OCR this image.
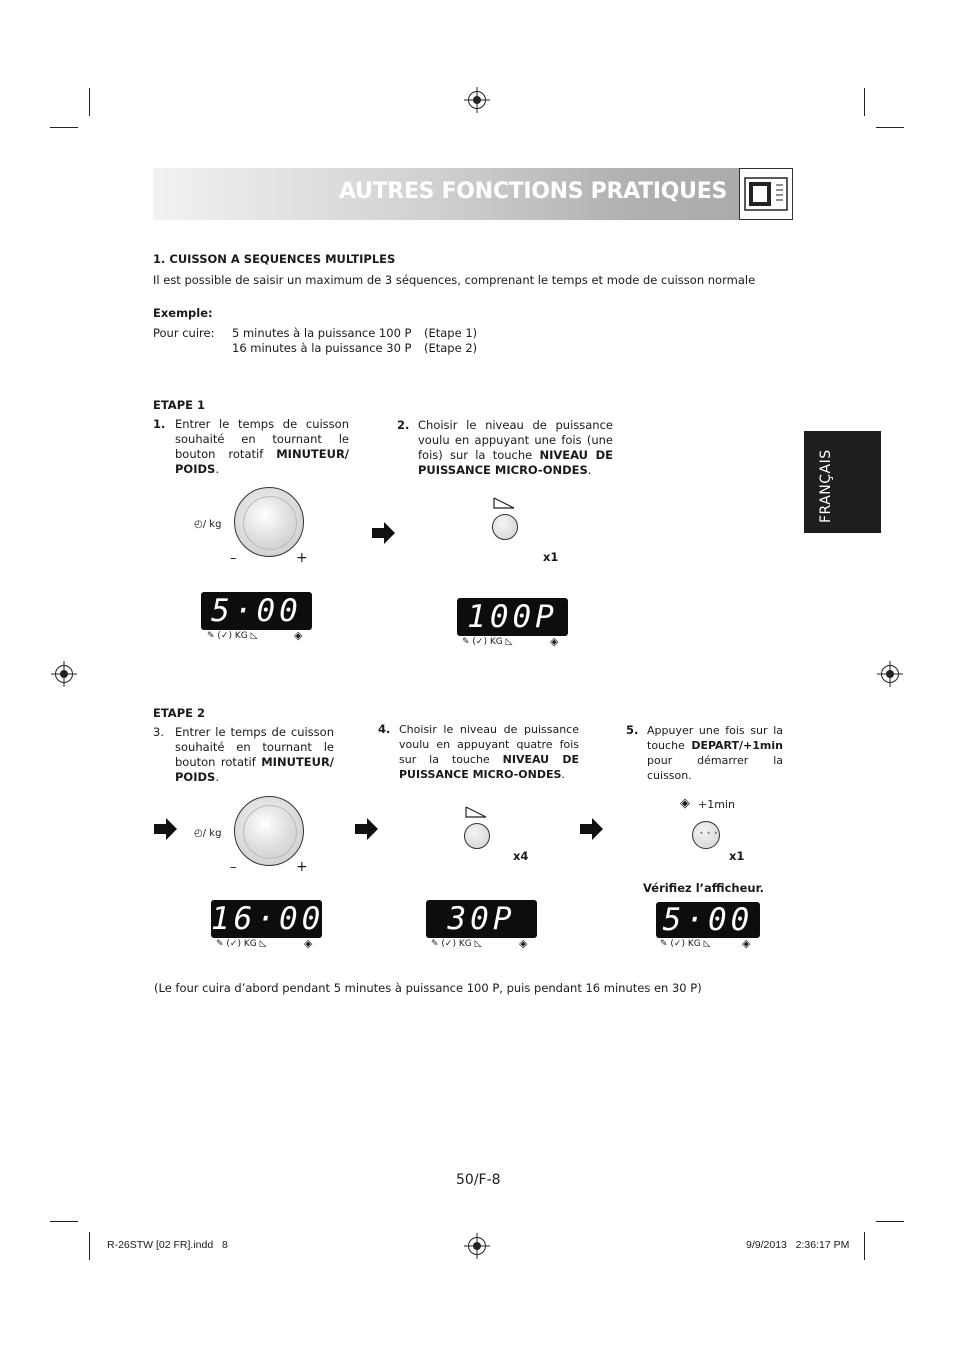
AUTRES FONCTIONS PRATIQUES
FRANÇAIS
1. CUISSON A SEQUENCES MULTIPLES
Il est possible de saisir un maximum de 3 séquences, comprenant le temps et mode de cuisson normale
Exemple:
Pour cuire: 5 minutes à la puissance 100 P (Etape 1)
16 minutes à la puissance 30 P (Etape 2)
ETAPE 1
1. Entrer le temps de cuisson souhaité en tournant le bouton rotatif MINUTEUR/ POIDS.
2. Choisir le niveau de puissance voulu en appuyant une fois (une fois) sur la touche NIVEAU DE PUISSANCE MICRO-ONDES.
◴/ kg
–	+	x1
5·00
✎ (✓) KG ◺	◈
100P
✎ (✓) KG ◺	◈
ETAPE 2
3. Entrer le temps de cuisson souhaité en tournant le bouton rotatif MINUTEUR/ POIDS.
4. Choisir le niveau de puissance voulu en appuyant quatre fois sur la touche NIVEAU DE PUISSANCE MICRO-ONDES.
5. Appuyer une fois sur la touche DEPART/+1min pour démarrer la cuisson.
◴/ kg
–	+
x4
◈ +1min
• • •
x1
Vérifiez l’afficheur.
16·00
✎ (✓) KG ◺	◈
30P
✎ (✓) KG ◺	◈
5·00
✎ (✓) KG ◺	◈
(Le four cuira d’abord pendant 5 minutes à puissance 100 P, puis pendant 16 minutes en 30 P)
50/F-8
R-26STW [02 FR].indd   8	9/9/2013   2:36:17 PM
